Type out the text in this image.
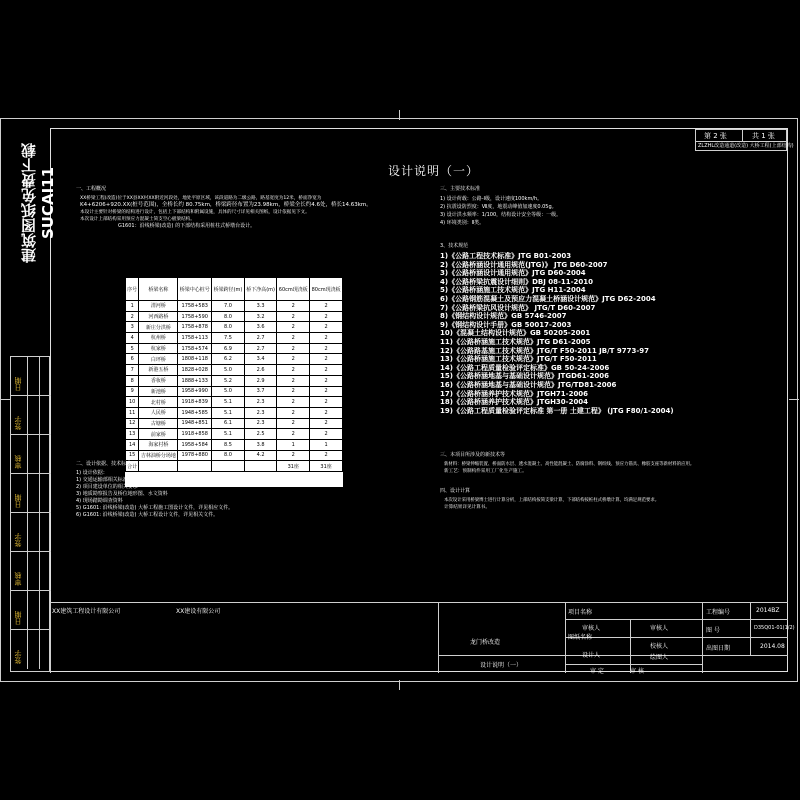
建筑图纸免费下载SUCAI11
日期
签字
审核
日期
签字
审核
日期
签字
第 2 张	共 1 张
ZLZHL改造通道(改造) 大桥工程(上部结构)
设计说明（一）
一、工程概况
XX桥梁工程(改造)位于XX县XX村XX附近河段处，地处平原区域，该段道路为二级公路，路基宽度为12米，桥面净宽为
K4+6206+920.XX(桩号范围)，全桥长约 80.75km，桥梁跨径布置为23.98km，桥梁全长约4.6处，桥长14.63km。
本设计主要针对桥梁的结构进行设计，包括上下部结构和附属设施，具体的尺寸详见相关图纸，设计依据见下文。
本次设计上部结构采用预应力混凝土简支空心板梁结构。
G1601：沿线桥梁(改造) 的下部结构采用桩柱式桥墩台设计。
序号	桥梁名称	桥梁中心桩号	桥梁跨径(m)	桥下净高(m)	60cm现浇板	80cm现浇板
1	清河桥	1758+583	7.0	3.3	2	2
2	河西路桥	1758+590	8.0	3.2	2	2
3	新庄分洪桥	1758+878	8.0	3.6	2	2
4	杭州桥	1758+113	7.5	2.7	2	2
5	杭家桥	1758+574	6.9	2.7	2	2
6	白坪桥	1808+118	6.2	3.4	2	2
7	新港五桥	1828+028	5.0	2.6	2	2
8	香妆桥	1888+133	5.2	2.9	2	2
9	新池桥	1958+990	5.0	3.7	2	2
10	北村桥	1918+839	5.1	2.3	2	2
11	人民桥	1948+585	5.1	2.3	2	2
12	古塘桥	1948+851	6.1	2.3	2	2
13	前家桥	1918+858	5.1	2.5	2	2
14	海家村桥	1958+584	8.5	3.8	1	1
15	吉林油桥分场地	1978+880	8.0	4.2	2	2
合计					31座	31座
二、设计依据、技术标准
1) 设计依据：
1) 交通运输部相关标准
2) 项目建设单位的相关要求
3) 地质勘察报告及桥位地形图、水文资料
4) 现场踏勘调查资料
5) G1601: 沿线桥梁(改造) 大桥工程施工图设计文件，详见相应文件。
6) G1601: 沿线桥梁(改造) 大桥工程设计文件，详见相关文件。
三、主要技术标准
1) 设计荷载：公路-I级，设计速度100km/h。
2) 抗震设防烈度：Ⅶ度，地震动峰值加速度0.05g。
3) 设计洪水频率：1/100，结构设计安全等级：一级。
4) 环境类别：Ⅱ类。
3、技术规范
1)《公路工程技术标准》JTG B01-2003
2)《公路桥涵设计通用规范(JTG)》 JTG D60-2007
3)《公路桥涵设计通用规范》JTG D60-2004
4)《公路桥梁抗震设计细则》DBJ 08-11-2010
5)《公路桥涵施工技术规范》JTG H11-2004
6)《公路钢筋混凝土及预应力混凝土桥涵设计规范》JTG D62-2004
7)《公路桥梁抗风设计规范》 JTG/T D60-2007
8)《钢结构设计规范》GB 5746-2007
9)《钢结构设计手册》GB 50017-2003
10)《混凝土结构设计规范》GB 50205-2001
11)《公路桥涵施工技术规范》JTG D61-2005
12)《公路路基施工技术规范》JTG/T F50-2011 JB/T 9773-97
13)《公路桥涵施工技术规范》JTG/T F50-2011
14)《公路工程质量检验评定标准》GB 50-24-2006
15)《公路桥涵地基与基础设计规范》JTGD61-2006
16)《公路桥涵地基与基础设计规范》JTG/TD81-2006
17)《公路桥涵养护技术规范》JTGH71-2006
18)《公路桥涵养护技术规范》JTGH30-2004
19)《公路工程质量检验评定标准 第一册 土建工程》 (JTG F80/1-2004)
三、本项目所涉及的新技术等
新材料：桥梁伸缩装置、桥面防水层、透水混凝土、高性能混凝土、防腐涂料、钢绞线、预应力锚具、橡胶支座等新材料的应用。
新工艺：预制构件采用工厂化生产施工。
四、设计计算
本次设计采用桥梁博士进行计算分析，上部结构按简支梁计算，下部结构按桩柱式桥墩计算，均满足规范要求。
计算结果详见计算书。
XX建筑工程设计有限公司	XX建设有限公司	项目名称
龙门桥改造
设计说明（一）
审核人	审核人
图纸名称
校核人
设计人	绘图人
审 定	审 核
工程编号
图 号
出图日期
2014BZ
D35Q01-01(1/2)
2014.08
